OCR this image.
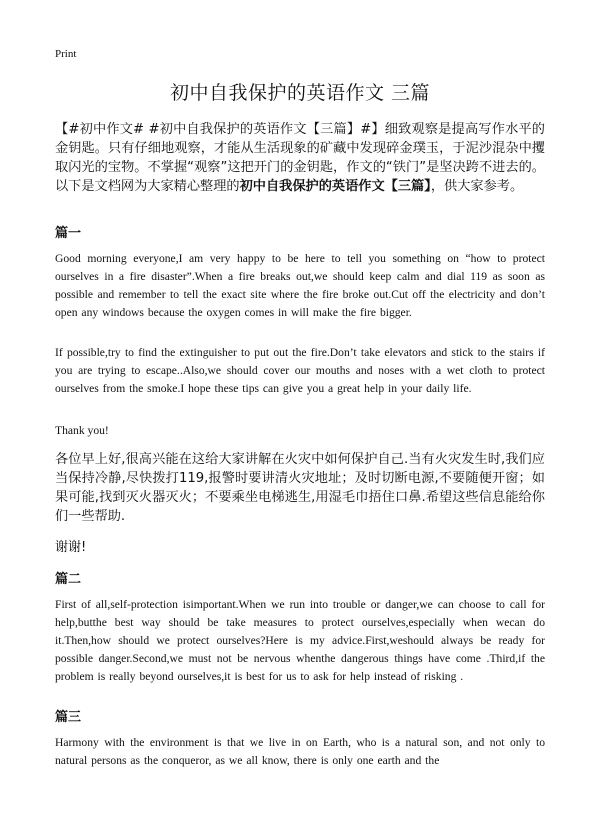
Print
初中自我保护的英语作文 三篇

【#初中作文# #初中自我保护的英语作文【三篇】#】细致观察是提高写作水平的金钥匙。只有仔细地观察，才能从生活现象的矿藏中发现碎金璞玉，于泥沙混杂中攫取闪光的宝物。不掌握“观察”这把开门的金钥匙，作文的“铁门”是坚决跨不进去的。以下是文档网为大家精心整理的初中自我保护的英语作文【三篇】，供大家参考。

篇一

Good morning everyone,I am very happy to be here to tell you something on “how to protect ourselves in a fire disaster”.When a fire breaks out,we should keep calm and dial 119 as soon as possible and remember to tell the exact site where the fire broke out.Cut off the electricity and don’t open any windows because the oxygen comes in will make the fire bigger.

If possible,try to find the extinguisher to put out the fire.Don’t take elevators and stick to the stairs if you are trying to escape..Also,we should cover our mouths and noses with a wet cloth to protect ourselves from the smoke.I hope these tips can give you a great help in your daily life.

Thank you!

各位早上好,很高兴能在这给大家讲解在火灾中如何保护自己.当有火灾发生时,我们应当保持冷静,尽快拨打119,报警时要讲清火灾地址；及时切断电源,不要随便开窗；如果可能,找到灭火器灭火；不要乘坐电梯逃生,用湿毛巾捂住口鼻.希望这些信息能给你们一些帮助.

谢谢!
篇二

First of all,self-protection isimportant.When we run into trouble or danger,we can choose to call for help,butthe best way should be take measures to protect ourselves,especially when wecan do it.Then,how should we protect ourselves?Here is my advice.First,weshould always be ready for possible danger.Second,we must not be nervous whenthe dangerous things have come .Third,if the problem is really beyond ourselves,it is best for us to ask for help instead of risking .

篇三

Harmony with the environment is that we live in on Earth, who is a natural son, and not only to natural persons as the conqueror, as we all know, there is only one earth and the
